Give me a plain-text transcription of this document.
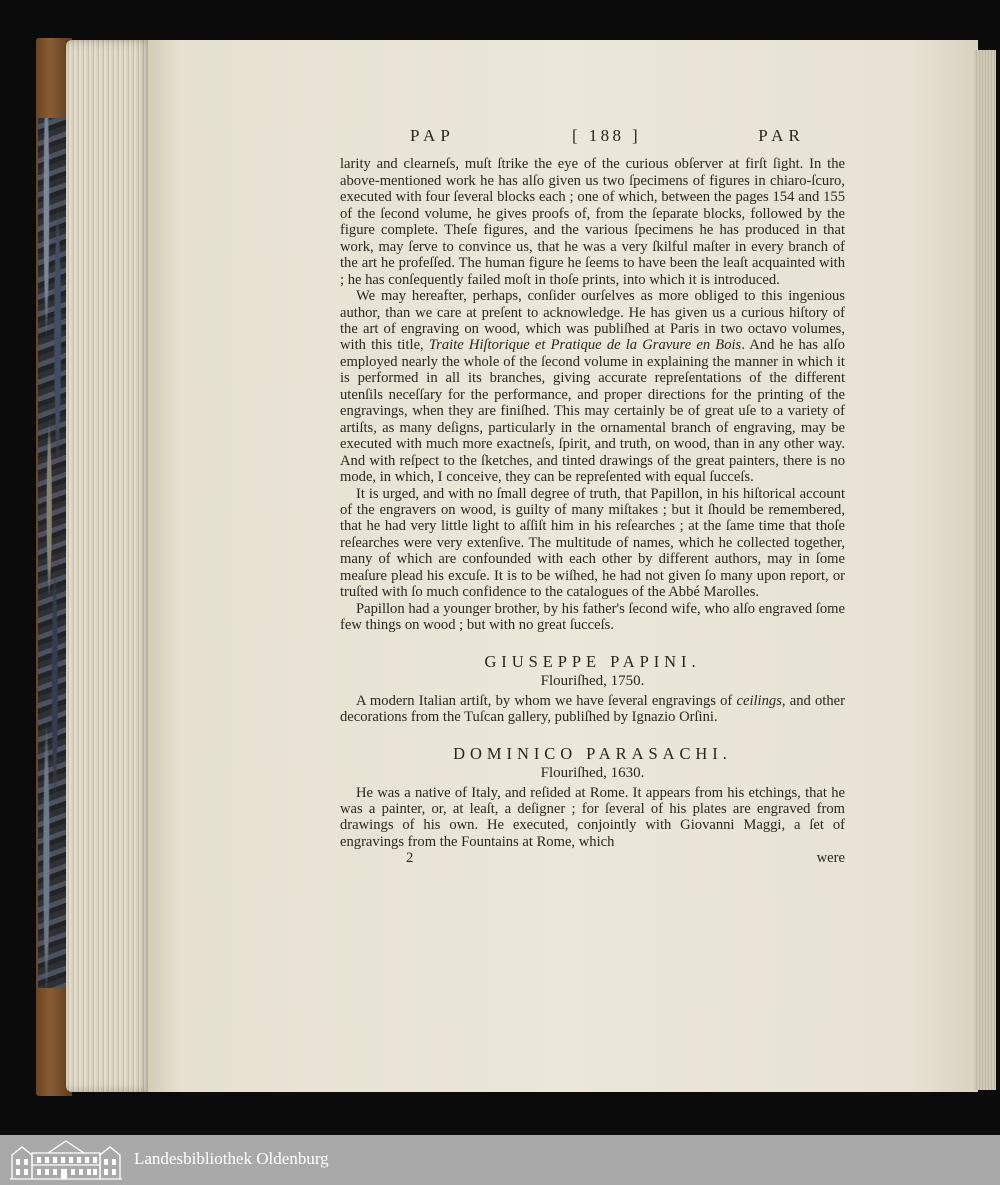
PAP	[ 188 ]	PAR

larity and clearneſs, muſt ſtrike the eye of the curious obſerver at firſt ſight. In the above-mentioned work he has alſo given us two ſpecimens of figures in chiaro-ſcuro, executed with four ſeveral blocks each ; one of which, between the pages 154 and 155 of the ſecond volume, he gives proofs of, from the ſeparate blocks, followed by the figure complete. Theſe figures, and the various ſpecimens he has produced in that work, may ſerve to convince us, that he was a very ſkilful maſter in every branch of the art he profeſſed. The human figure he ſeems to have been the leaſt acquainted with ; he has conſequently failed moſt in thoſe prints, into which it is introduced.

We may hereafter, perhaps, conſider ourſelves as more obliged to this ingenious author, than we care at preſent to acknowledge. He has given us a curious hiſtory of the art of engraving on wood, which was publiſhed at Paris in two octavo volumes, with this title, Traite Hiſtorique et Pratique de la Gravure en Bois. And he has alſo employed nearly the whole of the ſecond volume in explaining the manner in which it is performed in all its branches, giving accurate repreſentations of the different utenſils neceſſary for the performance, and proper directions for the printing of the engravings, when they are finiſhed. This may certainly be of great uſe to a variety of artiſts, as many deſigns, particularly in the ornamental branch of engraving, may be executed with much more exactneſs, ſpirit, and truth, on wood, than in any other way. And with reſpect to the ſketches, and tinted drawings of the great painters, there is no mode, in which, I conceive, they can be repreſented with equal ſucceſs.

It is urged, and with no ſmall degree of truth, that Papillon, in his hiſtorical account of the engravers on wood, is guilty of many miſtakes ; but it ſhould be remembered, that he had very little light to aſſiſt him in his reſearches ; at the ſame time that thoſe reſearches were very extenſive. The multitude of names, which he collected together, many of which are confounded with each other by different authors, may in ſome meaſure plead his excuſe. It is to be wiſhed, he had not given ſo many upon report, or truſted with ſo much confidence to the catalogues of the Abbé Marolles.

Papillon had a younger brother, by his father's ſecond wife, who alſo engraved ſome few things on wood ; but with no great ſucceſs.

GIUSEPPE PAPINI.
Flouriſhed, 1750.

A modern Italian artiſt, by whom we have ſeveral engravings of ceilings, and other decorations from the Tuſcan gallery, publiſhed by Ignazio Orſini.

DOMINICO PARASACHI.
Flouriſhed, 1630.

He was a native of Italy, and reſided at Rome. It appears from his etchings, that he was a painter, or, at leaſt, a deſigner ; for ſeveral of his plates are engraved from drawings of his own. He executed, conjointly with Giovanni Maggi, a ſet of engravings from the Fountains at Rome, which

2	were
Landesbibliothek Oldenburg
